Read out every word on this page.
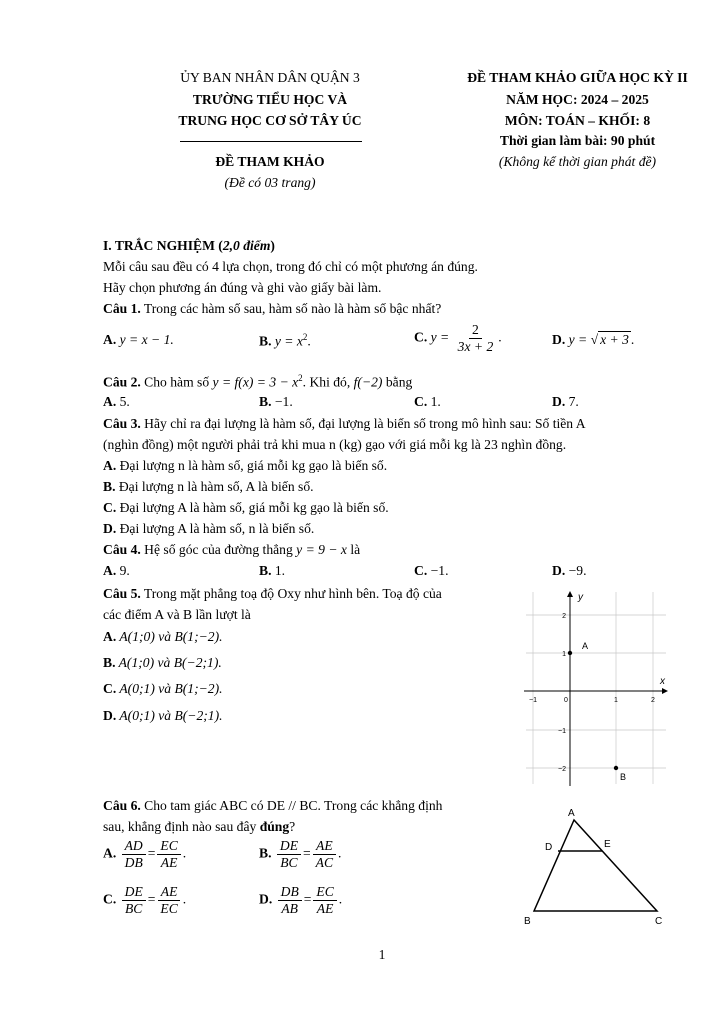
ỦY BAN NHÂN DÂN QUẬN 3
TRƯỜNG TIỂU HỌC VÀ
TRUNG HỌC CƠ SỞ TÂY ÚC
ĐỀ THAM KHẢO
(Đề có 03 trang)
ĐỀ THAM KHẢO GIỮA HỌC KỲ II
NĂM HỌC: 2024 – 2025
MÔN: TOÁN – KHỐI: 8
Thời gian làm bài: 90 phút
(Không kể thời gian phát đề)
I. TRẮC NGHIỆM (2,0 điểm)
Mỗi câu sau đều có 4 lựa chọn, trong đó chỉ có một phương án đúng.
Hãy chọn phương án đúng và ghi vào giấy bài làm.
Câu 1. Trong các hàm số sau, hàm số nào là hàm số bậc nhất?
A. y = x − 1.	B. $y = x^2$.	C. $y = \frac{2}{3x + 2}$ .	D. y = √ x + 3 .
Câu 2. Cho hàm số $y = f(x) = 3 - x^2$. Khi đó, f(−2) bằng
A. 5.	B. −1.	C. 1.	D. 7.
Câu 3. Hãy chỉ ra đại lượng là hàm số, đại lượng là biến số trong mô hình sau: Số tiền A
(nghìn đồng) một người phải trả khi mua n (kg) gạo với giá mỗi kg là 23 nghìn đồng.
A. Đại lượng n là hàm số, giá mỗi kg gạo là biến số.
B. Đại lượng n là hàm số, A là biến số.
C. Đại lượng A là hàm số, giá mỗi kg gạo là biến số.
D. Đại lượng A là hàm số, n là biến số.
Câu 4. Hệ số góc của đường thẳng y = 9 − x là
A. 9.	B. 1.	C. −1.	D. −9.
Câu 5. Trong mặt phẳng toạ độ Oxy như hình bên. Toạ độ của
các điểm A và B lần lượt là
A. A(1;0) và B(1;−2).
B. A(1;0) và B(−2;1).
C. A(0;1) và B(1;−2).
D. A(0;1) và B(−2;1).
y
x
0
−1	1	2
2
1
−1
−2
A
B
Câu 6. Cho tam giác ABC có DE // BC. Trong các khẳng định
sau, khẳng định nào sau đây đúng?
A. $\frac{AD}{DB} = \frac{EC}{AE}$ .	B. $\frac{DE}{BC} = \frac{AE}{AC}$ .
C. $\frac{DE}{BC} = \frac{AE}{EC}$ .	D. $\frac{DB}{AB} = \frac{EC}{AE}$ .
A
B	C
D	E
1
